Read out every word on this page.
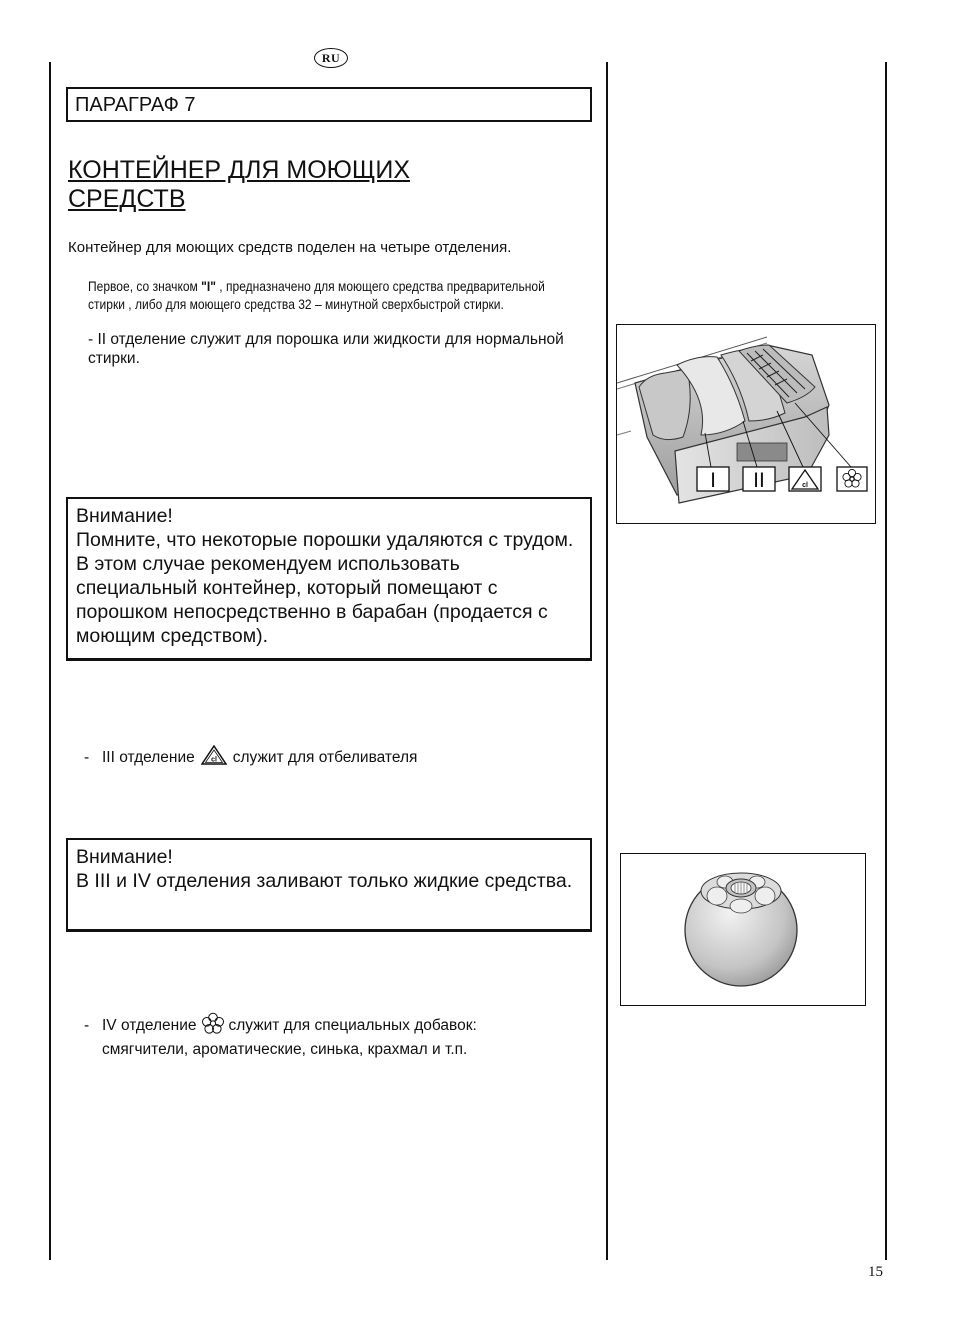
RU
ПАРАГРАФ 7
КОНТЕЙНЕР ДЛЯ МОЮЩИХ
СРЕДСТВ
Контейнер для моющих средств поделен на четыре отделения.
Первое, со значком "I" , предназначено для моющего средства предварительной стирки , либо для моющего средства 32 – минутной сверхбыстрой стирки.
- II отделение служит для порошка или жидкости для нормальной стирки.
Внимание!
Помните, что некоторые порошки удаляются с трудом. В этом случае рекомендуем использовать специальный контейнер, который помещают с порошком непосредственно в барабан (продается с моющим средством).
- III
отделение cl служит для отбеливателя
Внимание!
В III и IV отделения заливают только жидкие средства.
- IV
отделение служит для специальных добавок:
смягчители, ароматические, синька, крахмал и т.п.
I II	cl
15
